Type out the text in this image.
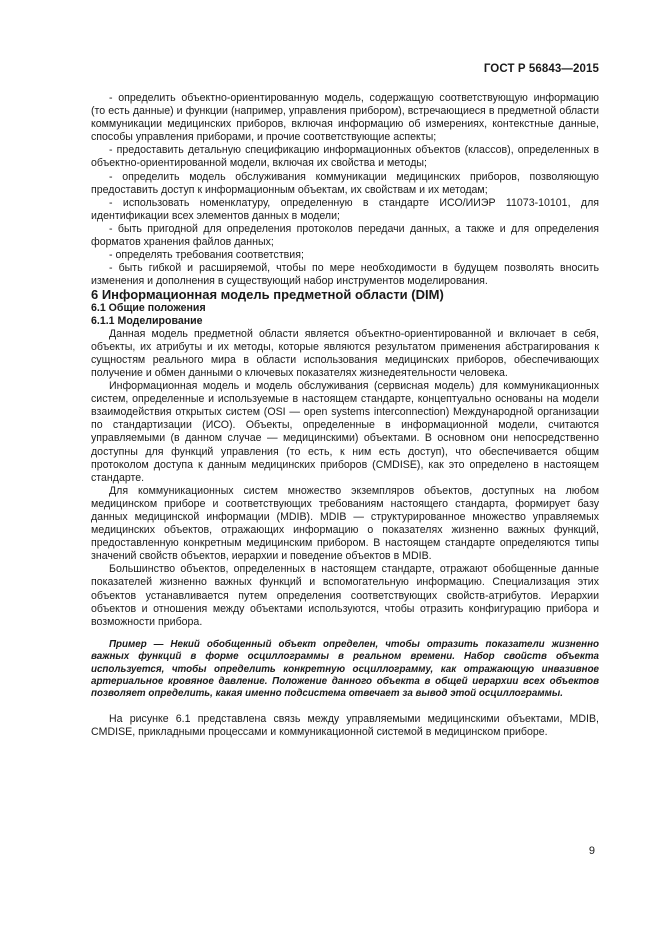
ГОСТ Р 56843—2015

- определить объектно-ориентированную модель, содержащую соответствующую информацию (то есть данные) и функции (например, управления прибором), встречающиеся в предметной области коммуникации медицинских приборов, включая информацию об измерениях, контекстные данные, способы управления приборами, и прочие соответствующие аспекты;

- предоставить детальную спецификацию информационных объектов (классов), определенных в объектно-ориентированной модели, включая их свойства и методы;

- определить модель обслуживания коммуникации медицинских приборов, позволяющую предоставить доступ к информационным объектам, их свойствам и их методам;

- использовать номенклатуру, определенную в стандарте ИСО/ИИЭР 11073-10101, для идентификации всех элементов данных в модели;

- быть пригодной для определения протоколов передачи данных, а также и для определения форматов хранения файлов данных;

- определять требования соответствия;

- быть гибкой и расширяемой, чтобы по мере необходимости в будущем позволять вносить изменения и дополнения в существующий набор инструментов моделирования.

6 Информационная модель предметной области (DIM)

6.1 Общие положения

6.1.1 Моделирование

Данная модель предметной области является объектно-ориентированной и включает в себя, объекты, их атрибуты и их методы, которые являются результатом применения абстрагирования к сущностям реального мира в области использования медицинских приборов, обеспечивающих получение и обмен данными о ключевых показателях жизнедеятельности человека.

Информационная модель и модель обслуживания (сервисная модель) для коммуникационных систем, определенные и используемые в настоящем стандарте, концептуально основаны на модели взаимодействия открытых систем (OSI — open systems interconnection) Международной организации по стандартизации (ИСО). Объекты, определенные в информационной модели, считаются управляемыми (в данном случае — медицинскими) объектами. В основном они непосредственно доступны для функций управления (то есть, к ним есть доступ), что обеспечивается общим протоколом доступа к данным медицинских приборов (CMDISE), как это определено в настоящем стандарте.

Для коммуникационных систем множество экземпляров объектов, доступных на любом медицинском приборе и соответствующих требованиям настоящего стандарта, формирует базу данных медицинской информации (MDIB). MDIB — структурированное множество управляемых медицинских объектов, отражающих информацию о показателях жизненно важных функций, предоставленную конкретным медицинским прибором. В настоящем стандарте определяются типы значений свойств объектов, иерархии и поведение объектов в MDIB.

Большинство объектов, определенных в настоящем стандарте, отражают обобщенные данные показателей жизненно важных функций и вспомогательную информацию. Специализация этих объектов устанавливается путем определения соответствующих свойств-атрибутов. Иерархии объектов и отношения между объектами используются, чтобы отразить конфигурацию прибора и возможности прибора.

Пример — Некий обобщенный объект определен, чтобы отразить показатели жизненно важных функций в форме осциллограммы в реальном времени. Набор свойств объекта используется, чтобы определить конкретную осциллограмму, как отражающую инвазивное артериальное кровяное давление. Положение данного объекта в общей иерархии всех объектов позволяет определить, какая именно подсистема отвечает за вывод этой осциллограммы.

На рисунке 6.1 представлена связь между управляемыми медицинскими объектами, MDIB, CMDISE, прикладными процессами и коммуникационной системой в медицинском приборе.

9
